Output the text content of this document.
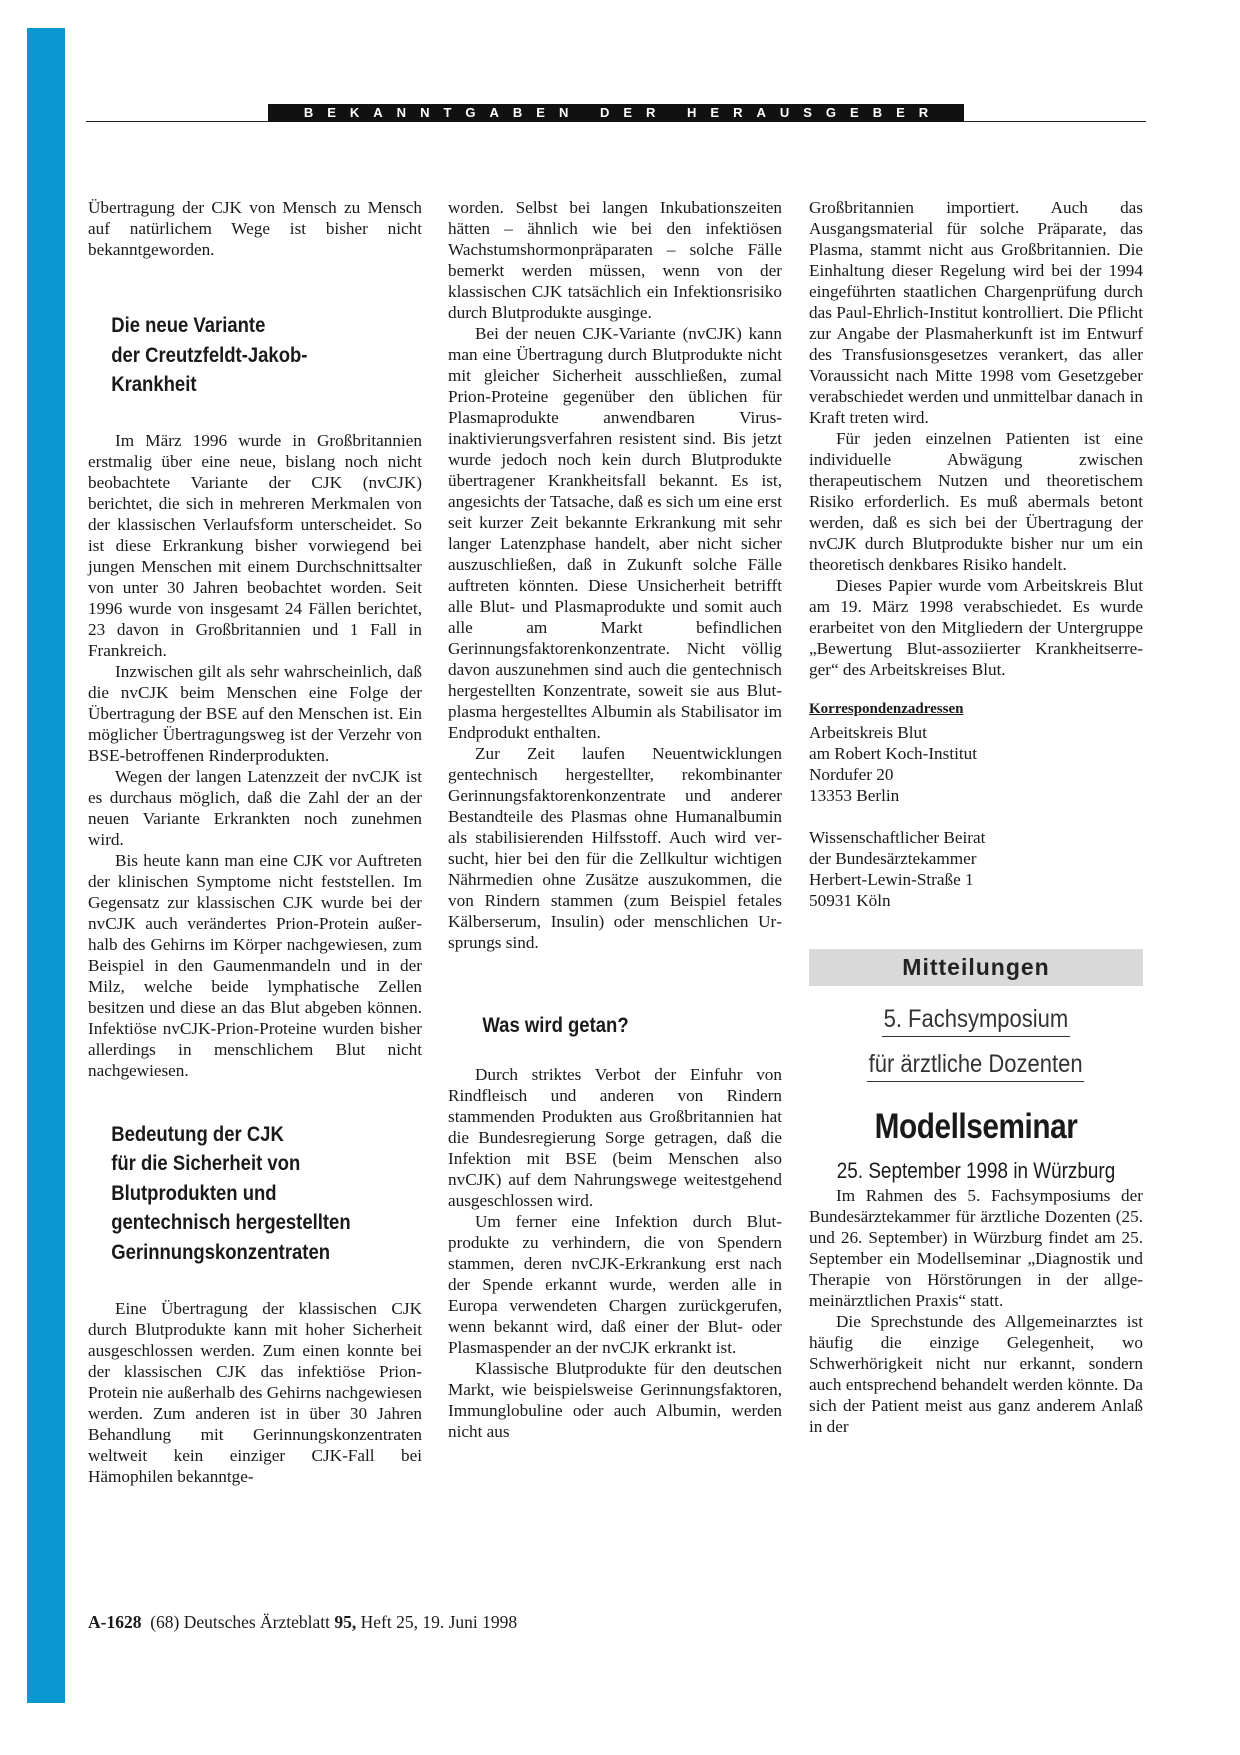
BEKANNTGABEN DER HERAUSGEBER

Übertragung der CJK von Mensch zu Mensch auf natürlichem Wege ist bisher nicht bekanntgeworden.

Die neue Variante
der Creutzfeldt-Jakob-
Krankheit

Im März 1996 wurde in Großbritannien erstmalig über eine neue, bislang noch nicht beobachtete Variante der CJK (nvCJK) berichtet, die sich in mehreren Merkmalen von der klassischen Verlaufsform unterscheidet. So ist diese Erkrankung bisher vorwiegend bei jungen Menschen mit einem Durchschnittsalter von unter 30 Jahren beobachtet worden. Seit 1996 wurde von insgesamt 24 Fällen berichtet, 23 davon in Großbritannien und 1 Fall in Frankreich.

Inzwischen gilt als sehr wahrscheinlich, daß die nvCJK beim Menschen eine Folge der Übertragung der BSE auf den Menschen ist. Ein möglicher Übertragungsweg ist der Verzehr von BSE-betroffenen Rinderprodukten.

Wegen der langen Latenzzeit der nvCJK ist es durchaus möglich, daß die Zahl der an der neuen Variante Erkrankten noch zunehmen wird.

Bis heute kann man eine CJK vor Auftreten der klinischen Symptome nicht feststellen. Im Gegensatz zur klassischen CJK wurde bei der nvCJK auch verändertes Prion-Protein außerhalb des Gehirns im Körper nachgewiesen, zum Beispiel in den Gaumenmandeln und in der Milz, welche beide lymphatische Zellen besitzen und diese an das Blut abgeben können. Infektiöse nvCJK-Prion-Proteine wurden bisher allerdings in menschlichem Blut nicht nachgewiesen.

Bedeutung der CJK
für die Sicherheit von
Blutprodukten und
gentechnisch hergestellten
Gerinnungskonzentraten

Eine Übertragung der klassischen CJK durch Blutprodukte kann mit hoher Sicherheit ausgeschlossen werden. Zum einen konnte bei der klassischen CJK das infektiöse Prion-Protein nie außerhalb des Gehirns nachgewiesen werden. Zum anderen ist in über 30 Jahren Behandlung mit Gerinnungskonzentraten weltweit kein einziger CJK-Fall bei Hämophilen bekanntge-

worden. Selbst bei langen Inkubationszeiten hätten – ähnlich wie bei den infektiösen Wachstumshormonpräparaten – solche Fälle bemerkt werden müssen, wenn von der klassischen CJK tatsächlich ein Infektionsrisiko durch Blutprodukte ausginge.

Bei der neuen CJK-Variante (nvCJK) kann man eine Übertragung durch Blutprodukte nicht mit gleicher Sicherheit ausschließen, zumal Prion-Proteine gegenüber den üblichen für Plasmaprodukte anwendbaren Virusinaktivierungsverfahren resistent sind. Bis jetzt wurde jedoch noch kein durch Blutprodukte übertragener Krankheitsfall bekannt. Es ist, angesichts der Tatsache, daß es sich um eine erst seit kurzer Zeit bekannte Erkrankung mit sehr langer Latenzphase handelt, aber nicht sicher auszuschließen, daß in Zukunft solche Fälle auftreten könnten. Diese Unsicherheit betrifft alle Blut- und Plasmaprodukte und somit auch alle am Markt befindlichen Gerinnungsfaktorenkonzentrate. Nicht völlig davon auszunehmen sind auch die gentechnisch hergestellten Konzentrate, soweit sie aus Blutplasma hergestelltes Albumin als Stabilisator im Endprodukt enthalten.

Zur Zeit laufen Neuentwicklungen gentechnisch hergestellter, rekombinanter Gerinnungsfaktorenkonzentrate und anderer Bestandteile des Plasmas ohne Humanalbumin als stabilisierenden Hilfsstoff. Auch wird versucht, hier bei den für die Zellkultur wichtigen Nährmedien ohne Zusätze auszukommen, die von Rindern stammen (zum Beispiel fetales Kälberserum, Insulin) oder menschlichen Ursprungs sind.

Was wird getan?

Durch striktes Verbot der Einfuhr von Rindfleisch und anderen von Rindern stammenden Produkten aus Großbritannien hat die Bundesregierung Sorge getragen, daß die Infektion mit BSE (beim Menschen also nvCJK) auf dem Nahrungswege weitestgehend ausgeschlossen wird.

Um ferner eine Infektion durch Blutprodukte zu verhindern, die von Spendern stammen, deren nvCJK-Erkrankung erst nach der Spende erkannt wurde, werden alle in Europa verwendeten Chargen zurückgerufen, wenn bekannt wird, daß einer der Blut- oder Plasmaspender an der nvCJK erkrankt ist.

Klassische Blutprodukte für den deutschen Markt, wie beispielsweise Gerinnungsfaktoren, Immunglobuline oder auch Albumin, werden nicht aus

Großbritannien importiert. Auch das Ausgangsmaterial für solche Präparate, das Plasma, stammt nicht aus Großbritannien. Die Einhaltung dieser Regelung wird bei der 1994 eingeführten staatlichen Chargenprüfung durch das Paul-Ehrlich-Institut kontrolliert. Die Pflicht zur Angabe der Plasmaherkunft ist im Entwurf des Transfusionsgesetzes verankert, das aller Voraussicht nach Mitte 1998 vom Gesetzgeber verabschiedet werden und unmittelbar danach in Kraft treten wird.

Für jeden einzelnen Patienten ist eine individuelle Abwägung zwischen therapeutischem Nutzen und theoretischem Risiko erforderlich. Es muß abermals betont werden, daß es sich bei der Übertragung der nvCJK durch Blutprodukte bisher nur um ein theoretisch denkbares Risiko handelt.

Dieses Papier wurde vom Arbeitskreis Blut am 19. März 1998 verabschiedet. Es wurde erarbeitet von den Mitgliedern der Untergruppe „Bewertung Blut-assoziierter Krankheitserreger“ des Arbeitskreises Blut.

Korrespondenzadressen
Arbeitskreis Blut
am Robert Koch-Institut
Nordufer 20
13353 Berlin
Wissenschaftlicher Beirat
der Bundesärztekammer
Herbert-Lewin-Straße 1
50931 Köln
Mitteilungen
5. Fachsymposium
für ärztliche Dozenten
Modellseminar
25. September 1998 in Würzburg

Im Rahmen des 5. Fachsymposiums der Bundesärztekammer für ärztliche Dozenten (25. und 26. September) in Würzburg findet am 25. September ein Modellseminar „Diagnostik und Therapie von Hörstörungen in der allgemeinärztlichen Praxis“ statt.

Die Sprechstunde des Allgemeinarztes ist häufig die einzige Gelegenheit, wo Schwerhörigkeit nicht nur erkannt, sondern auch entsprechend behandelt werden könnte. Da sich der Patient meist aus ganz anderem Anlaß in der

A-1628 (68) Deutsches Ärzteblatt 95, Heft 25, 19. Juni 1998
